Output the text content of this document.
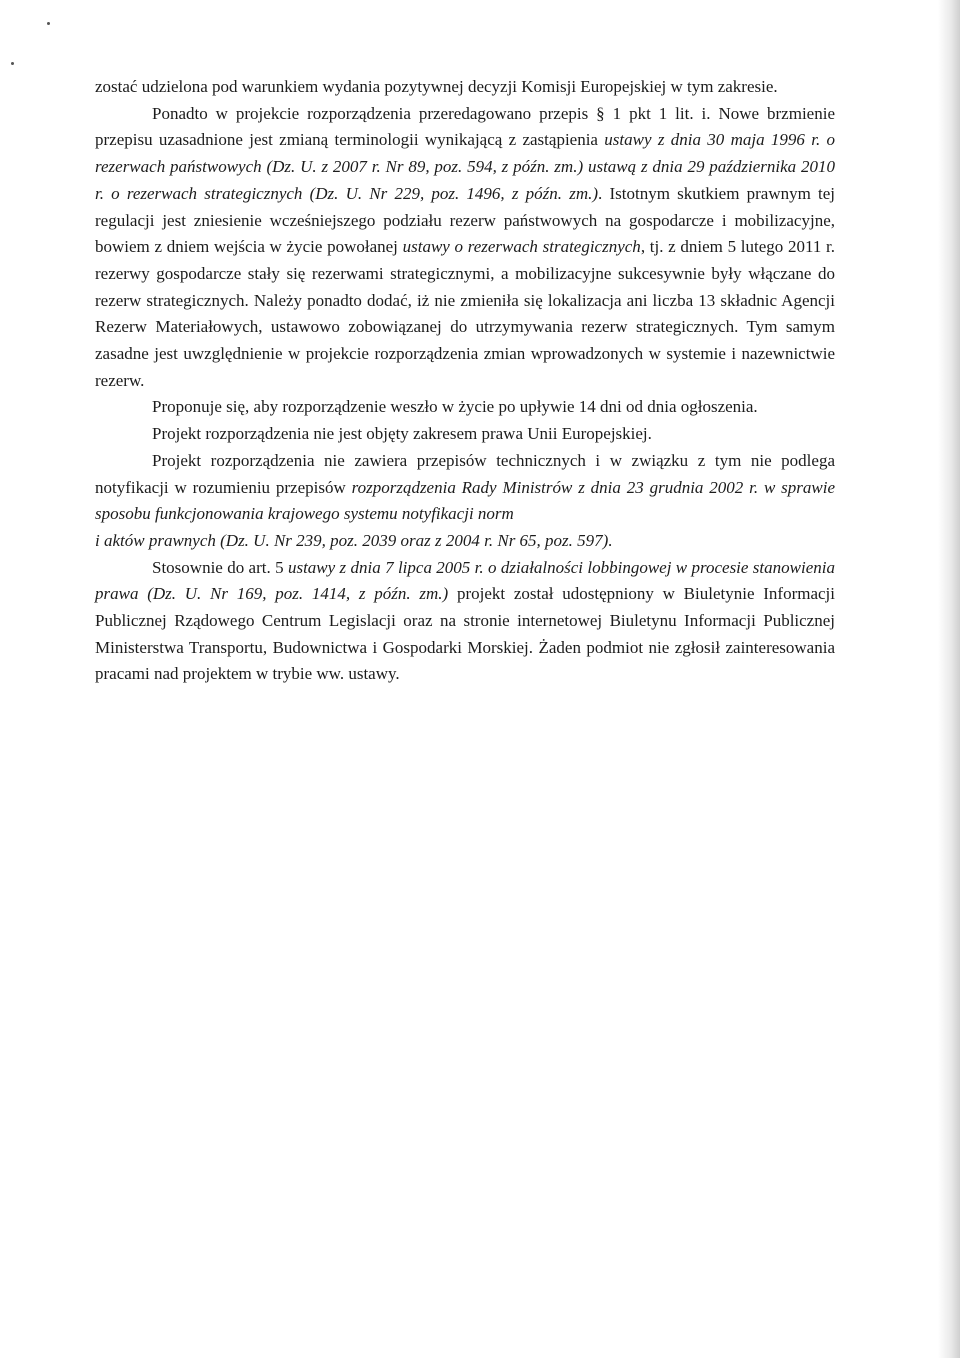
zostać udzielona pod warunkiem wydania pozytywnej decyzji Komisji Europejskiej w tym zakresie.

Ponadto w projekcie rozporządzenia przeredagowano przepis § 1 pkt 1 lit. i. Nowe brzmienie przepisu uzasadnione jest zmianą terminologii wynikającą z zastąpienia ustawy z dnia 30 maja 1996 r. o rezerwach państwowych (Dz. U. z 2007 r. Nr 89, poz. 594, z późn. zm.) ustawą z dnia 29 października 2010 r. o rezerwach strategicznych (Dz. U. Nr 229, poz. 1496, z późn. zm.). Istotnym skutkiem prawnym tej regulacji jest zniesienie wcześniejszego podziału rezerw państwowych na gospodarcze i mobilizacyjne, bowiem z dniem wejścia w życie powołanej ustawy o rezerwach strategicznych, tj. z dniem 5 lutego 2011 r. rezerwy gospodarcze stały się rezerwami strategicznymi, a mobilizacyjne sukcesywnie były włączane do rezerw strategicznych. Należy ponadto dodać, iż nie zmieniła się lokalizacja ani liczba 13 składnic Agencji Rezerw Materiałowych, ustawowo zobowiązanej do utrzymywania rezerw strategicznych. Tym samym zasadne jest uwzględnienie w projekcie rozporządzenia zmian wprowadzonych w systemie i nazewnictwie rezerw.

Proponuje się, aby rozporządzenie weszło w życie po upływie 14 dni od dnia ogłoszenia.

Projekt rozporządzenia nie jest objęty zakresem prawa Unii Europejskiej.

Projekt rozporządzenia nie zawiera przepisów technicznych i w związku z tym nie podlega notyfikacji w rozumieniu przepisów rozporządzenia Rady Ministrów z dnia 23 grudnia 2002 r. w sprawie sposobu funkcjonowania krajowego systemu notyfikacji norm

i aktów prawnych (Dz. U. Nr 239, poz. 2039 oraz z 2004 r. Nr 65, poz. 597).

Stosownie do art. 5 ustawy z dnia 7 lipca 2005 r. o działalności lobbingowej w procesie stanowienia prawa (Dz. U. Nr 169, poz. 1414, z późn. zm.) projekt został udostępniony w Biuletynie Informacji Publicznej Rządowego Centrum Legislacji oraz na stronie internetowej Biuletynu Informacji Publicznej Ministerstwa Transportu, Budownictwa i Gospodarki Morskiej. Żaden podmiot nie zgłosił zainteresowania pracami nad projektem w trybie ww. ustawy.
